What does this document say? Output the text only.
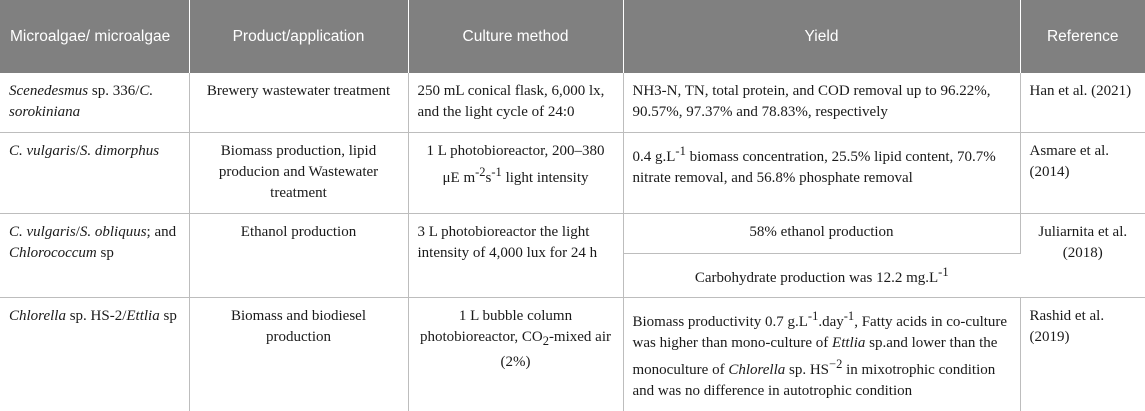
Microalgae/ microalgae	Product/application	Culture method	Yield	Reference
Scenedesmus sp. 336/C. sorokiniana	Brewery wastewater treatment	250 mL conical flask, 6,000 lx, and the light cycle of 24:0	NH3-N, TN, total protein, and COD removal up to 96.22%, 90.57%, 97.37% and 78.83%, respectively	Han et al. (2021)
C. vulgaris/S. dimorphus	Biomass production, lipid producion and Wastewater treatment	1 L photobioreactor, 200–380 μE $m^{-2}s^{-1}$ light intensity	0.4 $g.L^{-1}$ biomass concentration, 25.5% lipid content, 70.7% nitrate removal, and 56.8% phosphate removal	Asmare et al. (2014)
C. vulgaris/S. obliquus; and Chlorococcum sp	Ethanol production	3 L photobioreactor the light intensity of 4,000 lux for 24 h	58% ethanol production	Juliarnita et al. (2018)
			Carbohydrate production was 12.2 $mg.L^{-1}$
Chlorella sp. HS-2/Ettlia sp	Biomass and biodiesel production	1 L bubble column photobioreactor, $CO_2$-mixed air (2%)	Biomass productivity 0.7 $g.L^{-1}.day^{-1}$, Fatty acids in co-culture was higher than mono-culture of Ettlia sp.and lower than the monoculture of Chlorella sp. $HS^{-2}$ in mixotrophic condition and was no difference in autotrophic condition	Rashid et al. (2019)
